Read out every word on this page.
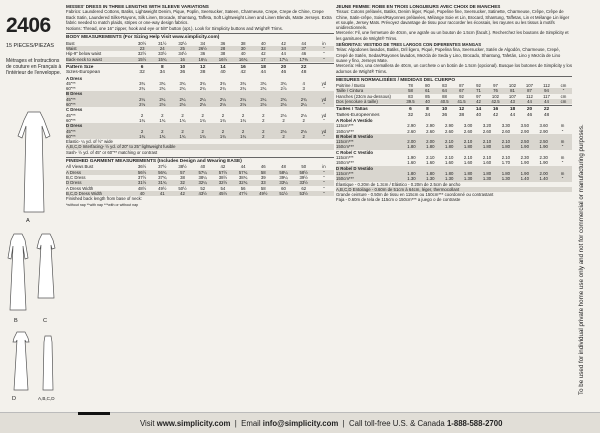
2406
15 PIECES/PIEZAS
Métrages et Instructions de couture en Français à l'intérieur de l'enveloppe.
A
B	C
D	A,B,C,D
MISSES' DRESS IN THREE LENGTHS WITH SLEEVE VARIATIONS
Fabrics: Laundered Cottons, Batiks, Lightweight Denim, Pique, Poplin, Seersucker, Sateen, Charmeuse, Crepe, Crepe de Chine, Crepe Back Satin, Laundered Silks-Rayons, Silk Linen, Brocade, Shantung, Taffeta, Soft Lightweight Linen and Linen Blends, Matte Jerseys. Extra fabric needed to match plaids, stripes or one-way design fabrics.
Notions: Thread, one 16" zipper, hook and eye or 5/8" button (opt.). Look for Simplicity buttons and Wright® Trims.
BODY MEASUREMENTS (For Sizing Help Visit www.simplicity.com)
Bust	30½	31½	32½	34	36	38	40	42	44	in
Waist	23	24	25	26½	28	30	32	34	37	"
Hip-9" below waist	32½	33½	34½	36	38	40	42	44	46	"
Back-neck to waist	15½	15¾	16	16¼	16½	16¾	17	17¼	17⅜	"
Pattern Size	6	8	10	12	14	16	18	20	22
Sizes-European	32	34	36	38	40	42	44	46	48
A Dress
45"**	3¾	3¾	3¾	3¾	3¾	3¾	3¾	3¾	4	yd
60"**	2¾	2¾	2¾	2¾	2¾	2¾	2¾	2⅞	3	"
B Dress
45"**	2¼	2¼	2¼	2¼	2¼	2¼	2¼	2¾	2¾	yd
60"**	2⅛	2⅛	2⅛	2⅛	2⅛	2⅛	2⅛	2⅛	2¼	"
C Dress
45"**	2	2	2	2	2	2	2	2⅛	2⅛	yd
60"**	1¾	1¾	1¾	1¾	1¾	1¾	2	2	2	"
D Dress
45"**	2	2	2	2	2	2	2	2⅛	2⅛	yd
60"**	1¾	1¾	1¾	1¾	1¾	1¾	2	2	2	"
Elastic- ¼ yd. of ½" wide
A,B,C,D Interfacing- ½ yd. of 20" to 25" lightweight fusible
Sash- ½ yd. of 45" or 60"** matching or contrast
FINISHED GARMENT MEASUREMENTS (Includes Design and Wearing EASE)
All Views Bust	36½	37½	38½	40	42	44	46	48	50	in
A Dress	56½	56¾	57	57¼	57½	57¾	58	58¼	58½	"
B,C Dress	37½	37¾	38	38¼	38½	38¾	39	39¼	39½	"
D Dress	31½	31¾	32	32¼	32½	32¾	33	33¼	33½	"
A Dress Width	48½	49½	50½	52	54	56	58	60	62	"
B,C,D Dress Width	40	41	42	43½	45½	47½	49½	51½	53½	"
Finished back length from base of neck:
*without nap **with nap ***with or without nap
JEUNE FEMME: ROBE EN TROIS LONGUEURS AVEC CHOIX DE MANCHES
Tissus: Cotons prélavés, Batiks, Denim léger, Piqué, Popeline fine, Seersucker, Satinette, Charmeuse, Crêpe, Crêpe de Chine, Satin-crêpe, Soies/Rayonnes prélavées, Mélange Soie et Lin, Brocard, Shantung, Taffetas, Lin et Mélange Lin léger et souple, Jersey Mats. Prévoyez davantage de tissu pour raccorder les écossais, les rayures ou les tissus à motifs unidirectionnels.
Mercerie: Fil, une fermeture de 40cm, une agrafe ou un bouton de 1.5cm (facult.). Recherchez les boutons de Simplicity et les garnitures de Wright® Trims.
SEÑORITAS: VESTIDO DE TRES LARGOS CON DIFERENTES MANGAS
Telas: Algodones lavados, Batiks, Dril ligero, Piqué, Popelina fina, Seersucker, Satén de Algodón, Charmeuse, Crepé, Crepé de Satén, Sedas/Rayones lavados, Mezcla de Seda y Lino, Brocado, Shantung, Tafetán, Lino y Mezcla de Lino suave y fino, Jerseys Mate.
Mercería: Hilo, una cremallera de 40cm, un corchete o un botón de 1.5cm (opcional). Busque los botones de Simplicity y los adornos de Wright® Trims.
MESURES NORMALISÉES / MEDIDAS DEL CUERPO
Poitrine / Busto	78	80	83	87	92	97	102	107	112	cm
Taille / Cintura	58	61	64	67	71	76	81	87	94	"
Hanches (23cm au-dessous)	83	85	88	92	97	102	107	112	117	cm
Dos (encolure à taille)	39.5	40	40.5	41.5	42	42.5	43	44	44	cm
Tailles / Tallas	6	8	10	12	14	16	18	20	22
Tailles-Européennes	32	34	36	38	40	42	44	46	48
A Robe/ A Vestido
115cm***	2.90	2.90	2.90	3.00	3.20	3.30	3.50	3.60	m
150cm***	2.60	2.60	2.60	2.60	2.60	2.60	2.90	2.90	"
B Robe/ B Vestido
115cm***	2.00	2.00	2.10	2.10	2.10	2.10	2.50	2.50	m
150cm***	1.80	1.80	1.80	1.80	1.80	1.80	1.90	1.90	"
C Robe/ C Vestido
115cm***	1.90	2.10	2.10	2.10	2.10	2.10	2.30	2.30	m
150cm***	1.60	1.60	1.60	1.60	1.60	1.70	1.90	1.90	"
D Robe/ D Vestido
115cm***	1.80	1.80	1.80	1.80	1.80	1.80	1.90	2.00	m
150cm***	1.30	1.30	1.30	1.30	1.30	1.30	1.40	1.40	"
Élastique - 0.20m de 1.3cm / Elástico - 0.20m de 2.5cm de ancho
A,B,C,D Entoilage - 0.60m de 51cm à 64cm, léger, thermocollant
Grande ceinture - 0.50m de tissu en 115cm ou 150cm*** coordonné ou contrastant
Faja - 0.60m de tela de 115cm o 150cm*** a juego o de contraste	To be used for individual private home use only and not for commercial or manufacturing purposes.
Visit www.simplicity.com  |  Email info@simplicity.com  |  Call toll-free U.S. & Canada 1-888-588-2700
